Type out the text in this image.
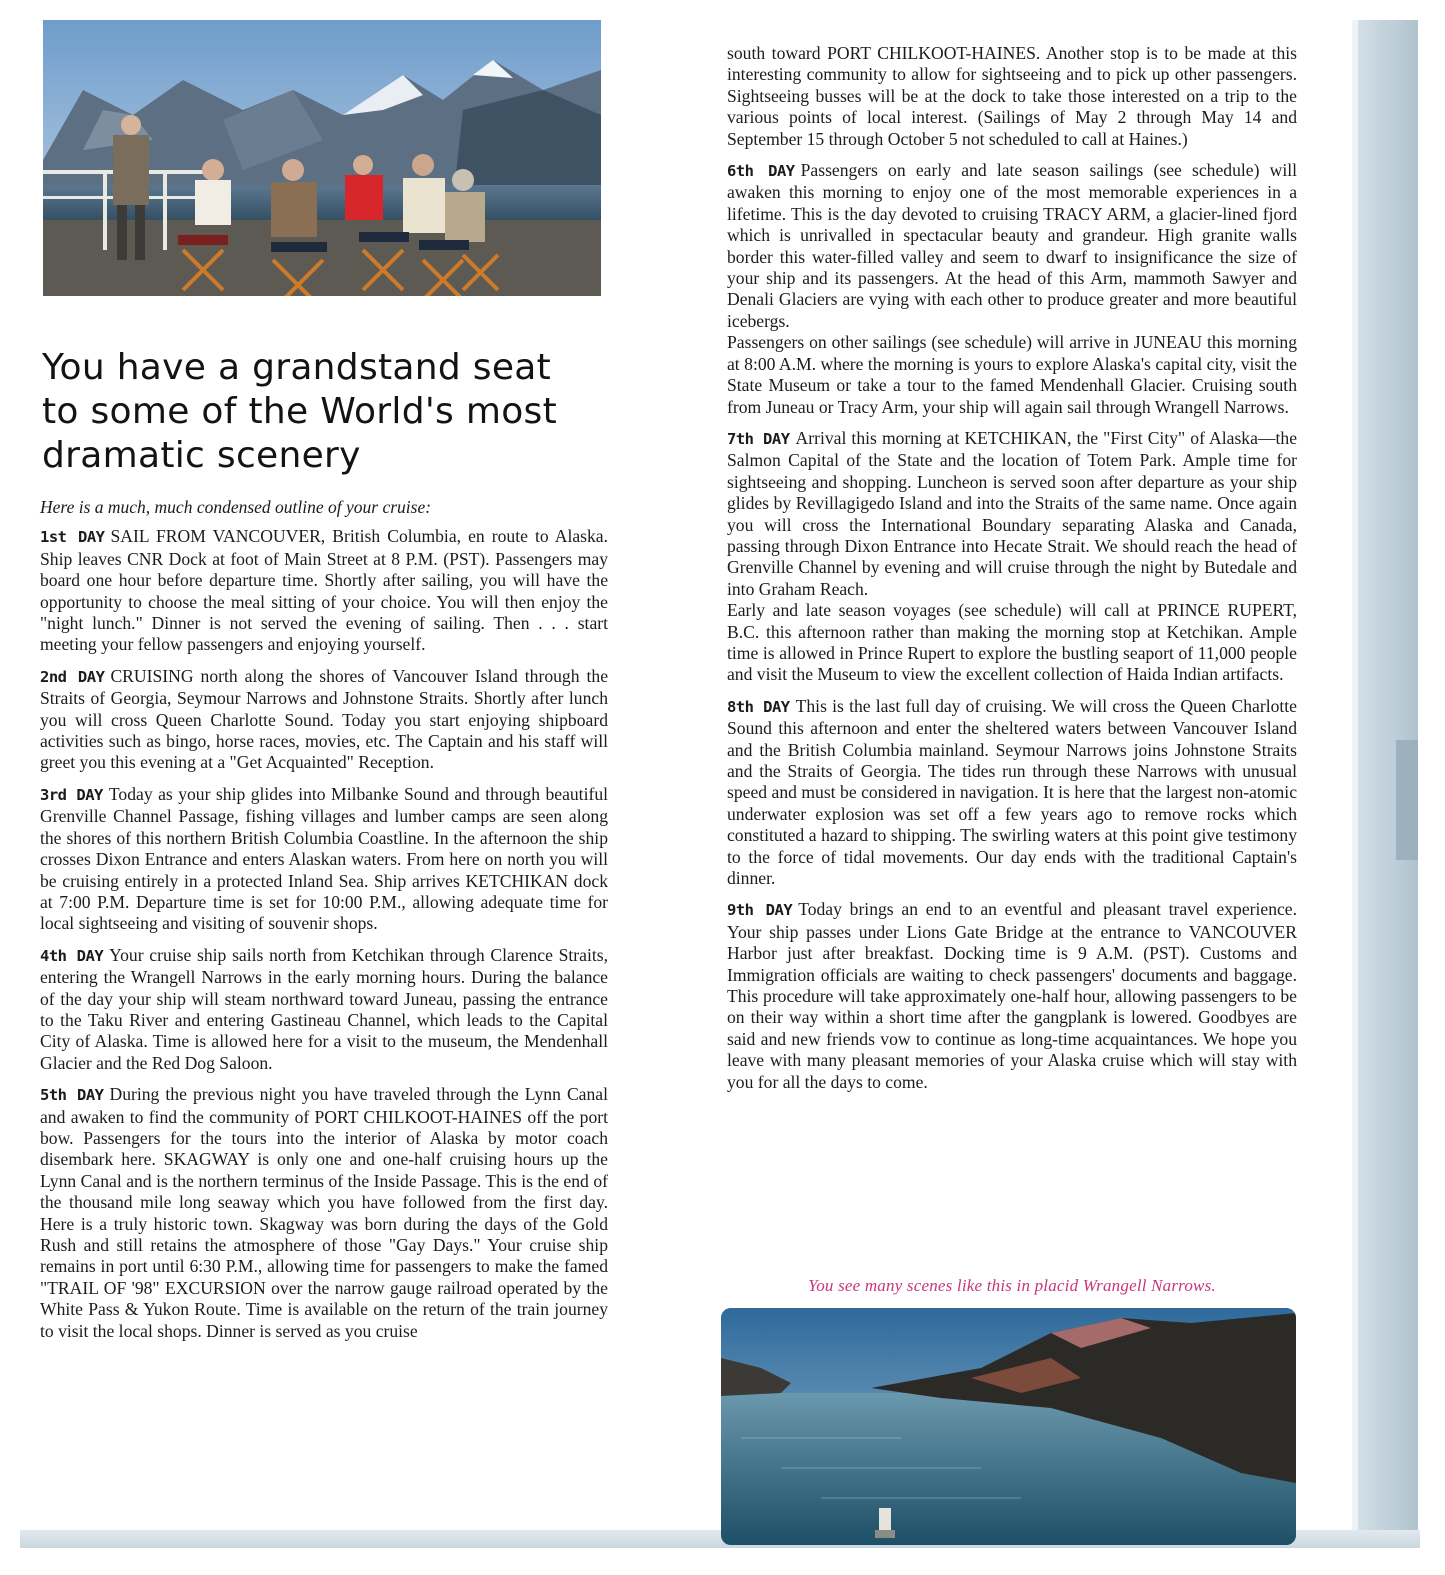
You have a grandstand seat
to some of the World's most
dramatic scenery

Here is a much, much condensed outline of your cruise:

1st DAY SAIL FROM VANCOUVER, British Columbia, en route to Alaska. Ship leaves CNR Dock at foot of Main Street at 8 P.M. (PST). Passengers may board one hour before departure time. Shortly after sailing, you will have the opportunity to choose the meal sitting of your choice. You will then enjoy the "night lunch." Dinner is not served the evening of sailing. Then . . . start meeting your fellow passengers and enjoying yourself.
2nd DAY CRUISING north along the shores of Vancouver Island through the Straits of Georgia, Seymour Narrows and Johnstone Straits. Shortly after lunch you will cross Queen Charlotte Sound. Today you start enjoying shipboard activities such as bingo, horse races, movies, etc. The Captain and his staff will greet you this evening at a "Get Acquainted" Reception.
3rd DAY Today as your ship glides into Milbanke Sound and through beautiful Grenville Channel Passage, fishing villages and lumber camps are seen along the shores of this northern British Columbia Coastline. In the afternoon the ship crosses Dixon Entrance and enters Alaskan waters. From here on north you will be cruising entirely in a protected Inland Sea. Ship arrives KETCHIKAN dock at 7:00 P.M. Departure time is set for 10:00 P.M., allowing adequate time for local sightseeing and visiting of souvenir shops.
4th DAY Your cruise ship sails north from Ketchikan through Clarence Straits, entering the Wrangell Narrows in the early morning hours. During the balance of the day your ship will steam northward toward Juneau, passing the entrance to the Taku River and entering Gastineau Channel, which leads to the Capital City of Alaska. Time is allowed here for a visit to the museum, the Mendenhall Glacier and the Red Dog Saloon.
5th DAY During the previous night you have traveled through the Lynn Canal and awaken to find the community of PORT CHILKOOT-HAINES off the port bow. Passengers for the tours into the interior of Alaska by motor coach disembark here. SKAGWAY is only one and one-half cruising hours up the Lynn Canal and is the northern terminus of the Inside Passage. This is the end of the thousand mile long seaway which you have followed from the first day. Here is a truly historic town. Skagway was born during the days of the Gold Rush and still retains the atmosphere of those "Gay Days." Your cruise ship remains in port until 6:30 P.M., allowing time for passengers to make the famed "TRAIL OF '98" EXCURSION over the narrow gauge railroad operated by the White Pass & Yukon Route. Time is available on the return of the train journey to visit the local shops. Dinner is served as you cruise
south toward PORT CHILKOOT-HAINES. Another stop is to be made at this interesting community to allow for sightseeing and to pick up other passengers. Sightseeing busses will be at the dock to take those interested on a trip to the various points of local interest. (Sailings of May 2 through May 14 and September 15 through October 5 not scheduled to call at Haines.)
6th DAY Passengers on early and late season sailings (see schedule) will awaken this morning to enjoy one of the most memorable experiences in a lifetime. This is the day devoted to cruising TRACY ARM, a glacier-lined fjord which is unrivalled in spectacular beauty and grandeur. High granite walls border this water-filled valley and seem to dwarf to insignificance the size of your ship and its passengers. At the head of this Arm, mammoth Sawyer and Denali Glaciers are vying with each other to produce greater and more beautiful icebergs.
Passengers on other sailings (see schedule) will arrive in JUNEAU this morning at 8:00 A.M. where the morning is yours to explore Alaska's capital city, visit the State Museum or take a tour to the famed Mendenhall Glacier. Cruising south from Juneau or Tracy Arm, your ship will again sail through Wrangell Narrows.
7th DAY Arrival this morning at KETCHIKAN, the "First City" of Alaska—the Salmon Capital of the State and the location of Totem Park. Ample time for sightseeing and shopping. Luncheon is served soon after departure as your ship glides by Revillagigedo Island and into the Straits of the same name. Once again you will cross the International Boundary separating Alaska and Canada, passing through Dixon Entrance into Hecate Strait. We should reach the head of Grenville Channel by evening and will cruise through the night by Butedale and into Graham Reach.
Early and late season voyages (see schedule) will call at PRINCE RUPERT, B.C. this afternoon rather than making the morning stop at Ketchikan. Ample time is allowed in Prince Rupert to explore the bustling seaport of 11,000 people and visit the Museum to view the excellent collection of Haida Indian artifacts.
8th DAY This is the last full day of cruising. We will cross the Queen Charlotte Sound this afternoon and enter the sheltered waters between Vancouver Island and the British Columbia mainland. Seymour Narrows joins Johnstone Straits and the Straits of Georgia. The tides run through these Narrows with unusual speed and must be considered in navigation. It is here that the largest non-atomic underwater explosion was set off a few years ago to remove rocks which constituted a hazard to shipping. The swirling waters at this point give testimony to the force of tidal movements. Our day ends with the traditional Captain's dinner.
9th DAY Today brings an end to an eventful and pleasant travel experience. Your ship passes under Lions Gate Bridge at the entrance to VANCOUVER Harbor just after breakfast. Docking time is 9 A.M. (PST). Customs and Immigration officials are waiting to check passengers' documents and baggage. This procedure will take approximately one-half hour, allowing passengers to be on their way within a short time after the gangplank is lowered. Goodbyes are said and new friends vow to continue as long-time acquaintances. We hope you leave with many pleasant memories of your Alaska cruise which will stay with you for all the days to come.
You see many scenes like this in placid Wrangell Narrows.
